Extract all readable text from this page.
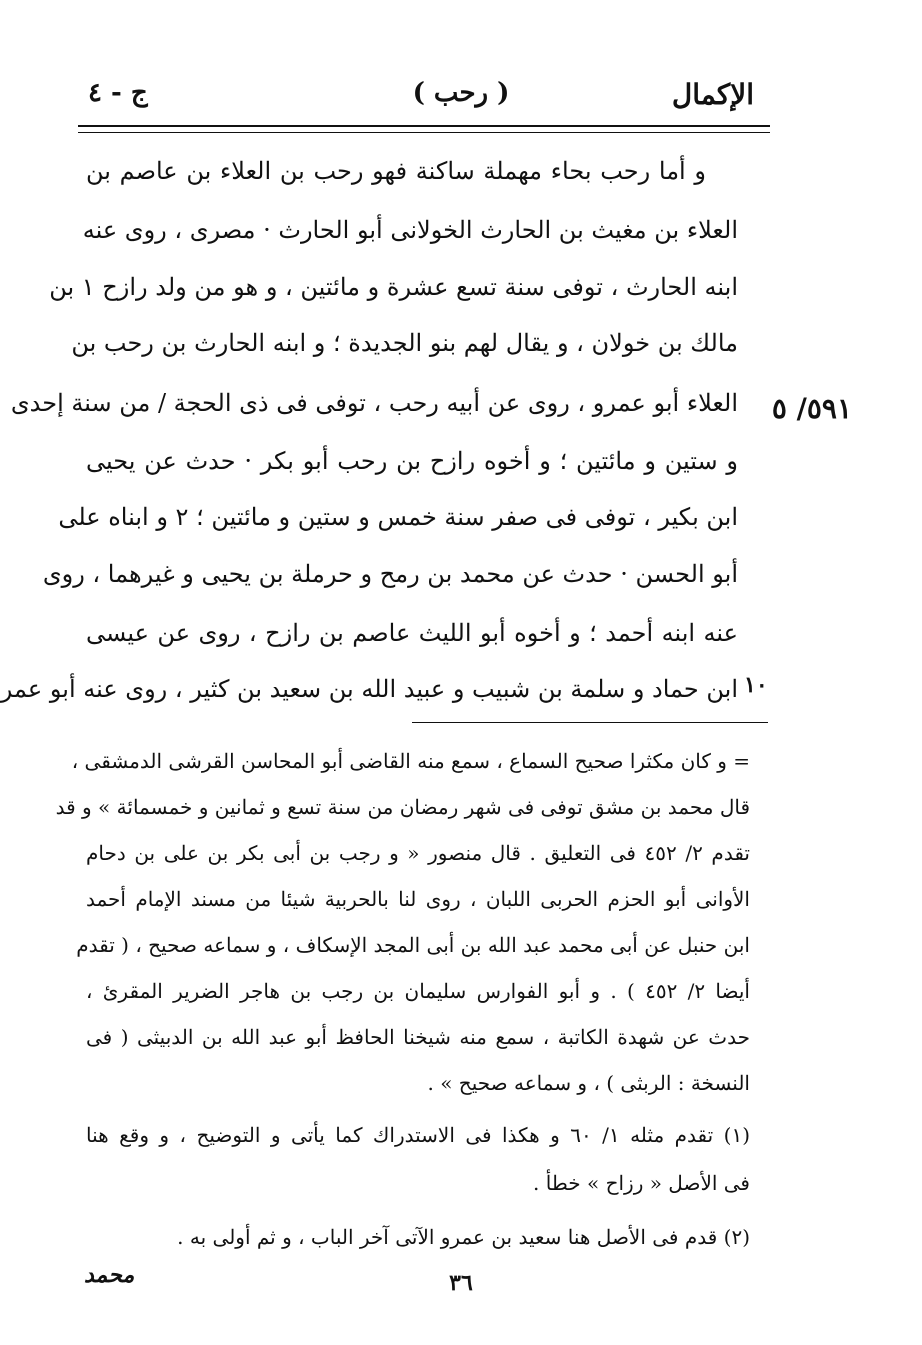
الإكمال
( رحب )
ج - ٤
و أما رحب بحاء مهملة ساكنة فهو رحب بن العلاء بن عاصم بن
العلاء بن مغيث بن الحارث الخولانى أبو الحارث · مصرى ، روى عنه
ابنه الحارث ، توفى سنة تسع عشرة و مائتين ، و هو من ولد رازح ١ بن
مالك بن خولان ، و يقال لهم بنو الجديدة ؛ و ابنه الحارث بن رحب بن
العلاء أبو عمرو ، روى عن أبيه رحب ، توفى فى ذى الحجة / من سنة إحدى
و ستين و مائتين ؛ و أخوه رازح بن رحب أبو بكر · حدث عن يحيى
ابن بكير ، توفى فى صفر سنة خمس و ستين و مائتين ؛ ٢ و ابناه على
أبو الحسن · حدث عن محمد بن رمح و حرملة بن يحيى و غيرهما ، روى
عنه ابنه أحمد ؛ و أخوه أبو الليث عاصم بن رازح ، روى عن عيسى
ابن حماد و سلمة بن شبيب و عبيد الله بن سعيد بن كثير ، روى عنه أبو عمر
٥٩١/ ٥
١٠
= و كان مكثرا صحيح السماع ، سمع منه القاضى أبو المحاسن القرشى الدمشقى ،
قال محمد بن مشق توفى فى شهر رمضان من سنة تسع و ثمانين و خمسمائة » و قد
تقدم ٢/ ٤٥٢ فى التعليق . قال منصور « و رجب بن أبى بكر بن على بن دحام
الأوانى أبو الحزم الحربى اللبان ، روى لنا بالحربية شيئا من مسند الإمام أحمد
ابن حنبل عن أبى محمد عبد الله بن أبى المجد الإسكاف ، و سماعه صحيح ، ( تقدم
أيضا ٢/ ٤٥٢ ) . و أبو الفوارس سليمان بن رجب بن هاجر الضرير المقرئ ،
حدث عن شهدة الكاتبة ، سمع منه شيخنا الحافظ أبو عبد الله بن الدبيثى ( فى
النسخة : الربثى ) ، و سماعه صحيح » .
(١) تقدم مثله ١/ ٦٠ و هكذا فى الاستدراك كما يأتى و التوضيح ، و وقع هنا
فى الأصل « رزاح » خطأ .
(٢) قدم فى الأصل هنا سعيد بن عمرو الآتى آخر الباب ، و ثم أولى به .
محمد	٣٦
